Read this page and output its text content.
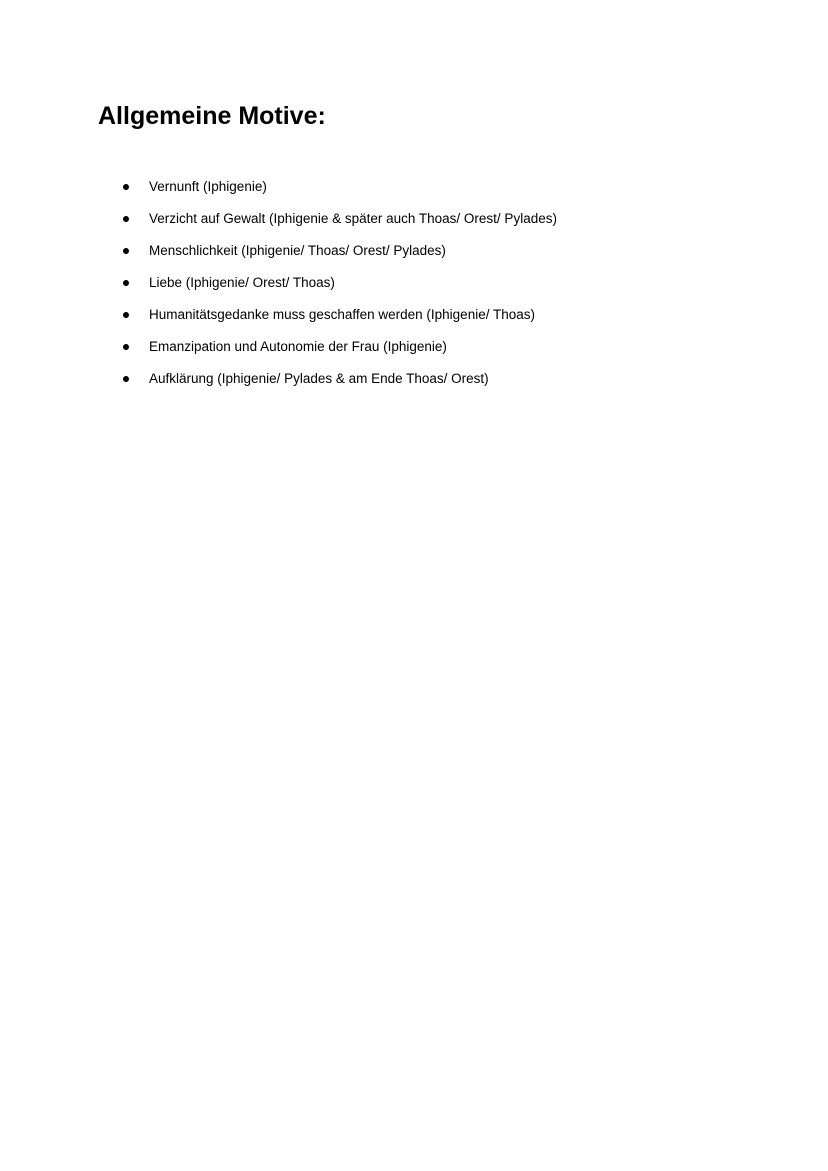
Allgemeine Motive:
Vernunft (Iphigenie)
Verzicht auf Gewalt (Iphigenie & später auch Thoas/ Orest/ Pylades)
Menschlichkeit (Iphigenie/ Thoas/ Orest/ Pylades)
Liebe (Iphigenie/ Orest/ Thoas)
Humanitätsgedanke muss geschaffen werden (Iphigenie/ Thoas)
Emanzipation und Autonomie der Frau (Iphigenie)
Aufklärung (Iphigenie/ Pylades & am Ende Thoas/ Orest)
